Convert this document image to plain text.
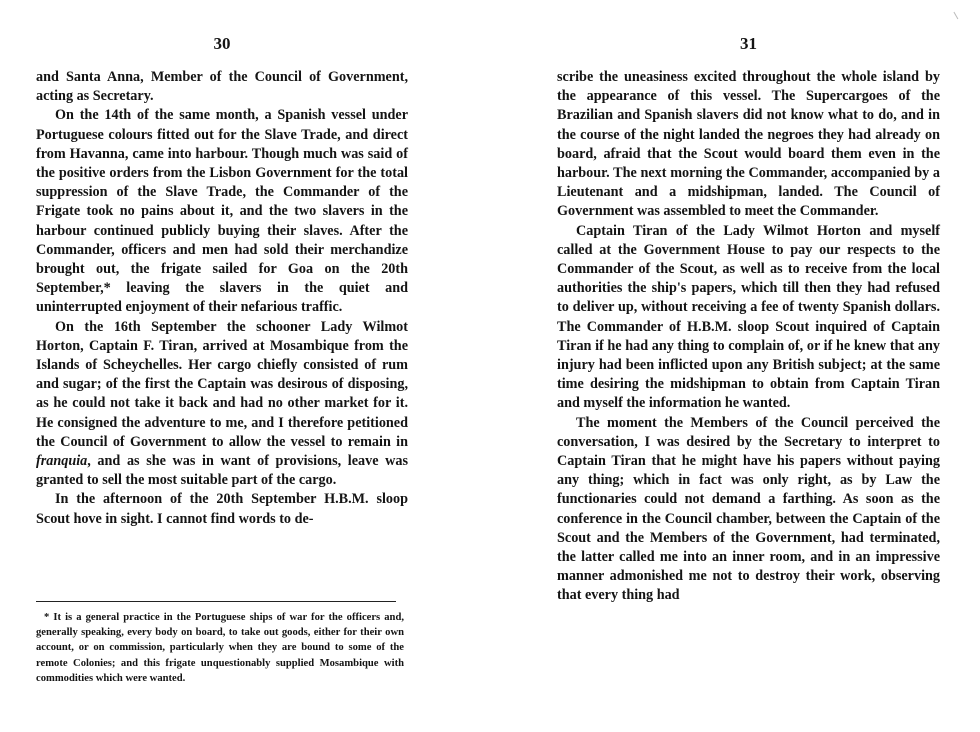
30

and Santa Anna, Member of the Council of Government, acting as Secretary.

On the 14th of the same month, a Spanish vessel under Portuguese colours fitted out for the Slave Trade, and direct from Havanna, came into harbour. Though much was said of the positive orders from the Lisbon Government for the total suppression of the Slave Trade, the Commander of the Frigate took no pains about it, and the two slavers in the harbour continued publicly buying their slaves. After the Commander, officers and men had sold their merchandize brought out, the frigate sailed for Goa on the 20th September,* leaving the slavers in the quiet and uninterrupted enjoyment of their nefarious traffic.

On the 16th September the schooner Lady Wilmot Horton, Captain F. Tiran, arrived at Mosambique from the Islands of Scheychelles. Her cargo chiefly consisted of rum and sugar; of the first the Captain was desirous of disposing, as he could not take it back and had no other market for it. He consigned the adventure to me, and I therefore petitioned the Council of Government to allow the vessel to remain in franquia, and as she was in want of provisions, leave was granted to sell the most suitable part of the cargo.

In the afternoon of the 20th September H.B.M. sloop Scout hove in sight. I cannot find words to de-

* It is a general practice in the Portuguese ships of war for the officers and, generally speaking, every body on board, to take out goods, either for their own account, or on commission, particularly when they are bound to some of the remote Colonies; and this frigate unquestionably supplied Mosambique with commodities which were wanted.

31

scribe the uneasiness excited throughout the whole island by the appearance of this vessel. The Supercargoes of the Brazilian and Spanish slavers did not know what to do, and in the course of the night landed the negroes they had already on board, afraid that the Scout would board them even in the harbour. The next morning the Commander, accompanied by a Lieutenant and a midshipman, landed. The Council of Government was assembled to meet the Commander.

Captain Tiran of the Lady Wilmot Horton and myself called at the Government House to pay our respects to the Commander of the Scout, as well as to receive from the local authorities the ship's papers, which till then they had refused to deliver up, without receiving a fee of twenty Spanish dollars. The Commander of H.B.M. sloop Scout inquired of Captain Tiran if he had any thing to complain of, or if he knew that any injury had been inflicted upon any British subject; at the same time desiring the midshipman to obtain from Captain Tiran and myself the information he wanted.

The moment the Members of the Council perceived the conversation, I was desired by the Secretary to interpret to Captain Tiran that he might have his papers without paying any thing; which in fact was only right, as by Law the functionaries could not demand a farthing. As soon as the conference in the Council chamber, between the Captain of the Scout and the Members of the Government, had terminated, the latter called me into an inner room, and in an impressive manner admonished me not to destroy their work, observing that every thing had
